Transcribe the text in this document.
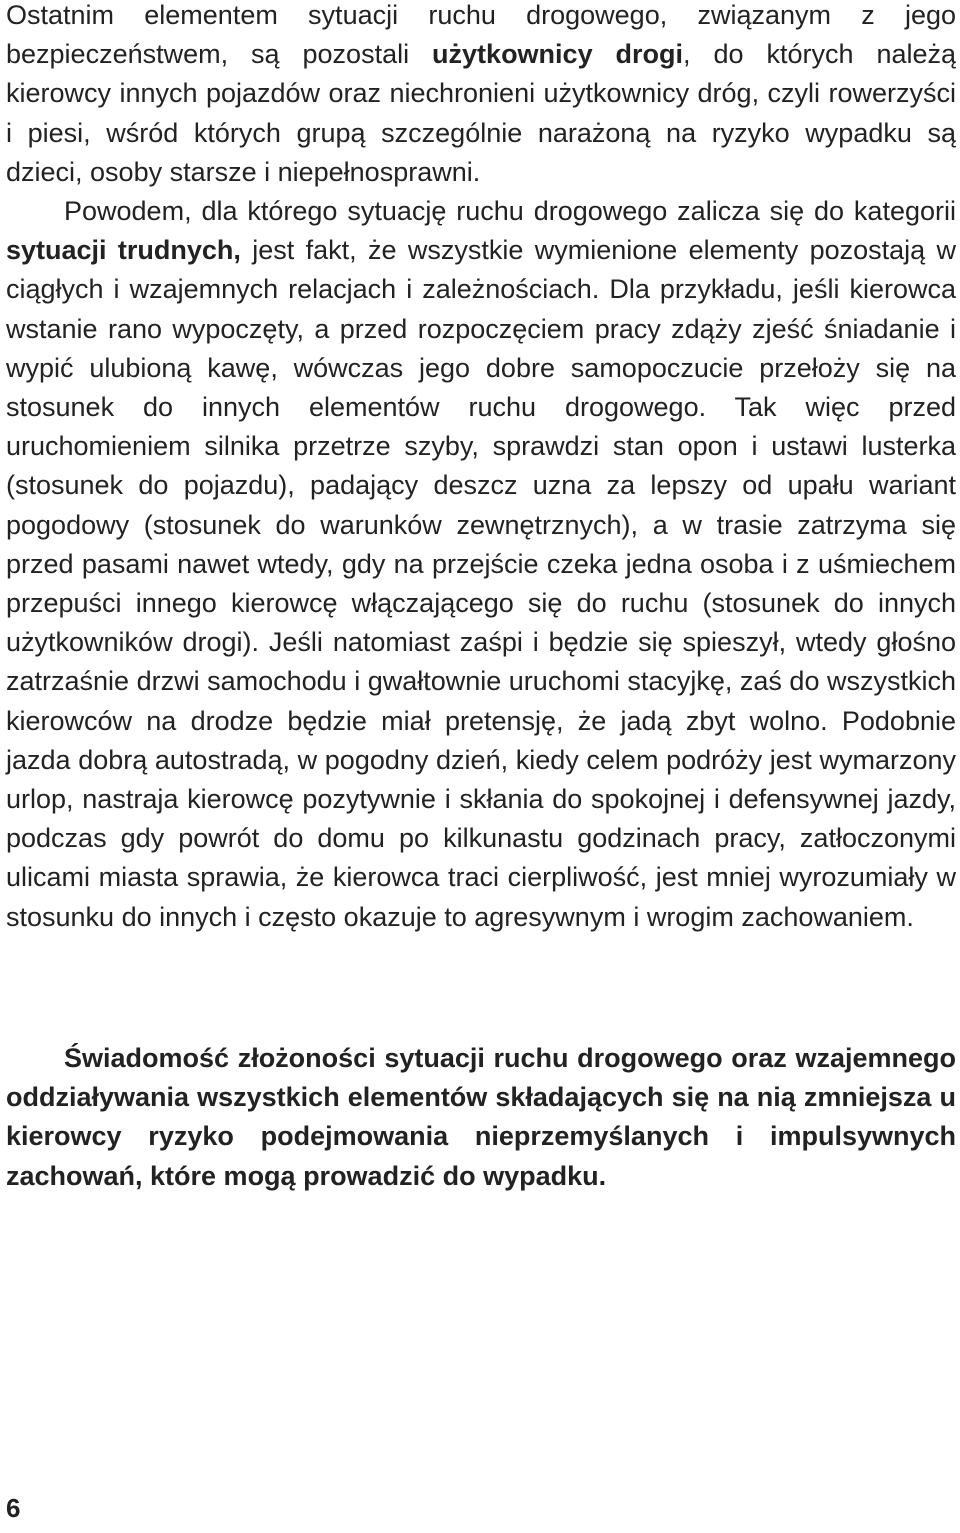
Ostatnim elementem sytuacji ruchu drogowego, związanym z jego bezpieczeństwem, są pozostali użytkownicy drogi, do których należą kierowcy innych pojazdów oraz niechronieni użytkownicy dróg, czyli rowerzyści i piesi, wśród których grupą szczególnie narażoną na ryzyko wypadku są dzieci, osoby starsze i niepełnosprawni.

Powodem, dla którego sytuację ruchu drogowego zalicza się do kategorii sytuacji trudnych, jest fakt, że wszystkie wymienione elementy pozostają w ciągłych i wzajemnych relacjach i zależnościach. Dla przykładu, jeśli kierowca wstanie rano wypoczęty, a przed rozpoczęciem pracy zdąży zjeść śniadanie i wypić ulubioną kawę, wówczas jego dobre samopoczucie przełoży się na stosunek do innych elementów ruchu drogowego. Tak więc przed uruchomieniem silnika przetrze szyby, sprawdzi stan opon i ustawi lusterka (stosunek do pojazdu), padający deszcz uzna za lepszy od upału wariant pogodowy (stosunek do warunków zewnętrznych), a w trasie zatrzyma się przed pasami nawet wtedy, gdy na przejście czeka jedna osoba i z uśmiechem przepuści innego kierowcę włączającego się do ruchu (stosunek do innych użytkowników drogi). Jeśli natomiast zaśpi i będzie się spieszył, wtedy głośno zatrzaśnie drzwi samochodu i gwałtownie uruchomi stacyjkę, zaś do wszystkich kierowców na drodze będzie miał pretensję, że jadą zbyt wolno. Podobnie jazda dobrą autostradą, w pogodny dzień, kiedy celem podróży jest wymarzony urlop, nastraja kierowcę pozytywnie i skłania do spokojnej i defensywnej jazdy, podczas gdy powrót do domu po kilkunastu godzinach pracy, zatłoczonymi ulicami miasta sprawia, że kierowca traci cierpliwość, jest mniej wyrozumiały w stosunku do innych i często okazuje to agresywnym i wrogim zachowaniem.

Świadomość złożoności sytuacji ruchu drogowego oraz wzajemnego oddziaływania wszystkich elementów składających się na nią zmniejsza u kierowcy ryzyko podejmowania nieprzemyślanych i impulsywnych zachowań, które mogą prowadzić do wypadku.

6
